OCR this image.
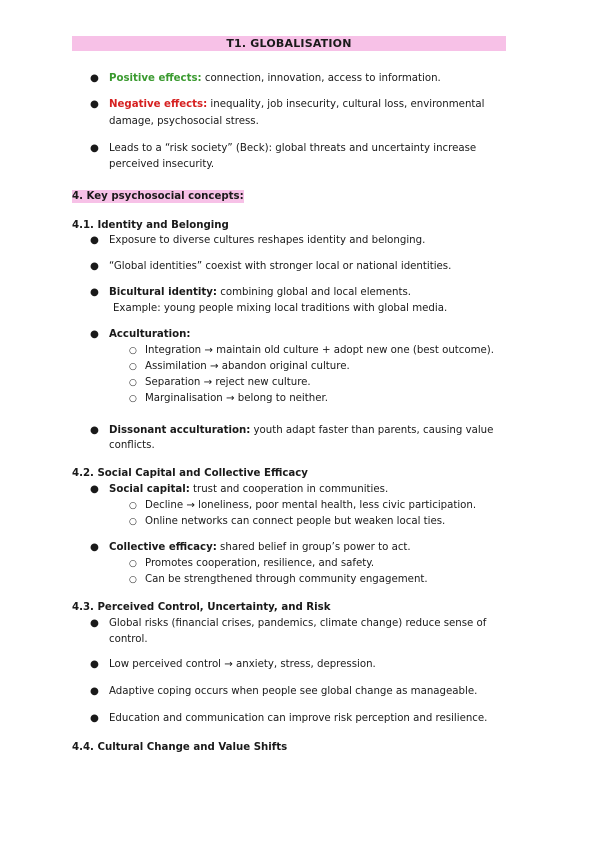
T1. GLOBALISATION
● Positive effects: connection, innovation, access to information.
● Negative effects: inequality, job insecurity, cultural loss, environmental
damage, psychosocial stress.
● Leads to a “risk society” (Beck): global threats and uncertainty increase
perceived insecurity.
4. Key psychosocial concepts:
4.1. Identity and Belonging
● Exposure to diverse cultures reshapes identity and belonging.
● “Global identities” coexist with stronger local or national identities.
● Bicultural identity: combining global and local elements.
Example: young people mixing local traditions with global media.
● Acculturation:
○ Integration → maintain old culture + adopt new one (best outcome).
○ Assimilation → abandon original culture.
○ Separation → reject new culture.
○ Marginalisation → belong to neither.
● Dissonant acculturation: youth adapt faster than parents, causing value
conflicts.
4.2. Social Capital and Collective Efficacy
● Social capital: trust and cooperation in communities.
○ Decline → loneliness, poor mental health, less civic participation.
○ Online networks can connect people but weaken local ties.
● Collective efficacy: shared belief in group’s power to act.
○ Promotes cooperation, resilience, and safety.
○ Can be strengthened through community engagement.
4.3. Perceived Control, Uncertainty, and Risk
● Global risks (financial crises, pandemics, climate change) reduce sense of
control.
● Low perceived control → anxiety, stress, depression.
● Adaptive coping occurs when people see global change as manageable.
● Education and communication can improve risk perception and resilience.
4.4. Cultural Change and Value Shifts
